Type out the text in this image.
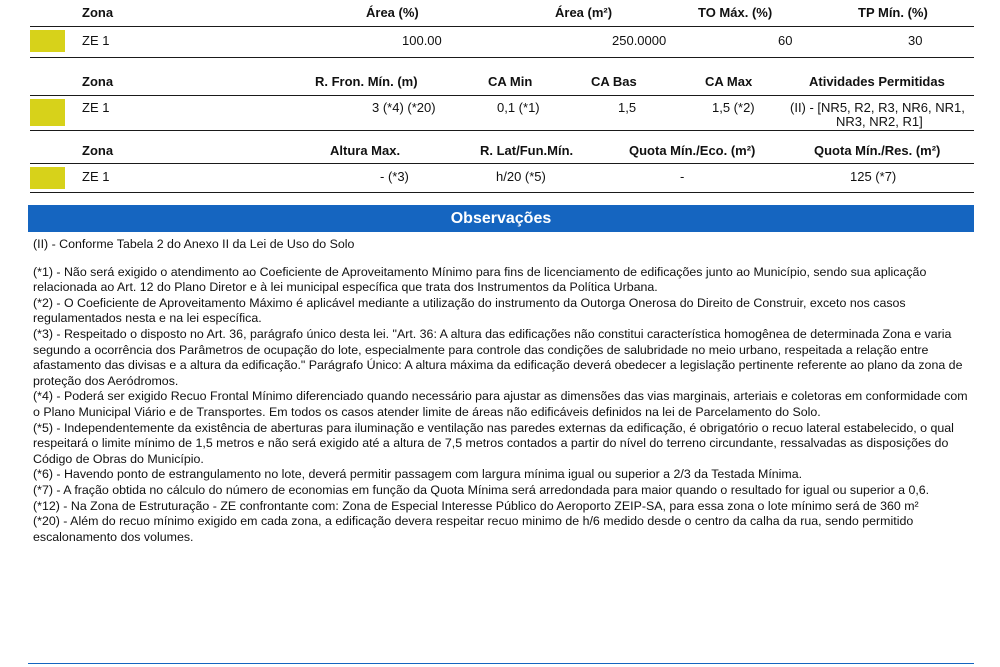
Zona	Área (%)	Área (m²)	TO Máx. (%)	TP Mín. (%)
ZE 1	100.00	250.0000	60	30
Zona	R. Fron. Mín. (m)	CA Min	CA Bas	CA Max	Atividades Permitidas
ZE 1	3 (*4) (*20)	0,1 (*1)	1,5	1,5 (*2)	(II) - [NR5, R2, R3, NR6, NR1,
NR3, NR2, R1]
Zona	Altura Max.	R. Lat/Fun.Mín.	Quota Mín./Eco. (m²)	Quota Mín./Res. (m²)
ZE 1	- (*3)	h/20 (*5)	-	125 (*7)
Observações

(II) - Conforme Tabela 2 do Anexo II da Lei de Uso do Solo

(*1) - Não será exigido o atendimento ao Coeficiente de Aproveitamento Mínimo para fins de licenciamento de edificações junto ao Município, sendo sua aplicação relacionada ao Art. 12 do Plano Diretor e à lei municipal específica que trata dos Instrumentos da Política Urbana.

(*2) - O Coeficiente de Aproveitamento Máximo é aplicável mediante a utilização do instrumento da Outorga Onerosa do Direito de Construir, exceto nos casos regulamentados nesta e na lei específica.

(*3) - Respeitado o disposto no Art. 36, parágrafo único desta lei. "Art. 36: A altura das edificações não constitui característica homogênea de determinada Zona e varia segundo a ocorrência dos Parâmetros de ocupação do lote, especialmente para controle das condições de salubridade no meio urbano, respeitada a relação entre afastamento das divisas e a altura da edificação." Parágrafo Único: A altura máxima da edificação deverá obedecer a legislação pertinente referente ao plano da zona de proteção dos Aeródromos.

(*4) - Poderá ser exigido Recuo Frontal Mínimo diferenciado quando necessário para ajustar as dimensões das vias marginais, arteriais e coletoras em conformidade com o Plano Municipal Viário e de Transportes. Em todos os casos atender limite de áreas não edificáveis definidos na lei de Parcelamento do Solo.

(*5) - Independentemente da existência de aberturas para iluminação e ventilação nas paredes externas da edificação, é obrigatório o recuo lateral estabelecido, o qual respeitará o limite mínimo de 1,5 metros e não será exigido até a altura de 7,5 metros contados a partir do nível do terreno circundante, ressalvadas as disposições do Código de Obras do Município.

(*6) - Havendo ponto de estrangulamento no lote, deverá permitir passagem com largura mínima igual ou superior a 2/3 da Testada Mínima.

(*7) - A fração obtida no cálculo do número de economias em função da Quota Mínima será arredondada para maior quando o resultado for igual ou superior a 0,6.

(*12) - Na Zona de Estruturação - ZE confrontante com: Zona de Especial Interesse Público do Aeroporto ZEIP-SA, para essa zona o lote mínimo será de 360 m²

(*20) - Além do recuo mínimo exigido em cada zona, a edificação devera respeitar recuo minimo de h/6 medido desde o centro da calha da rua, sendo permitido escalonamento dos volumes.
